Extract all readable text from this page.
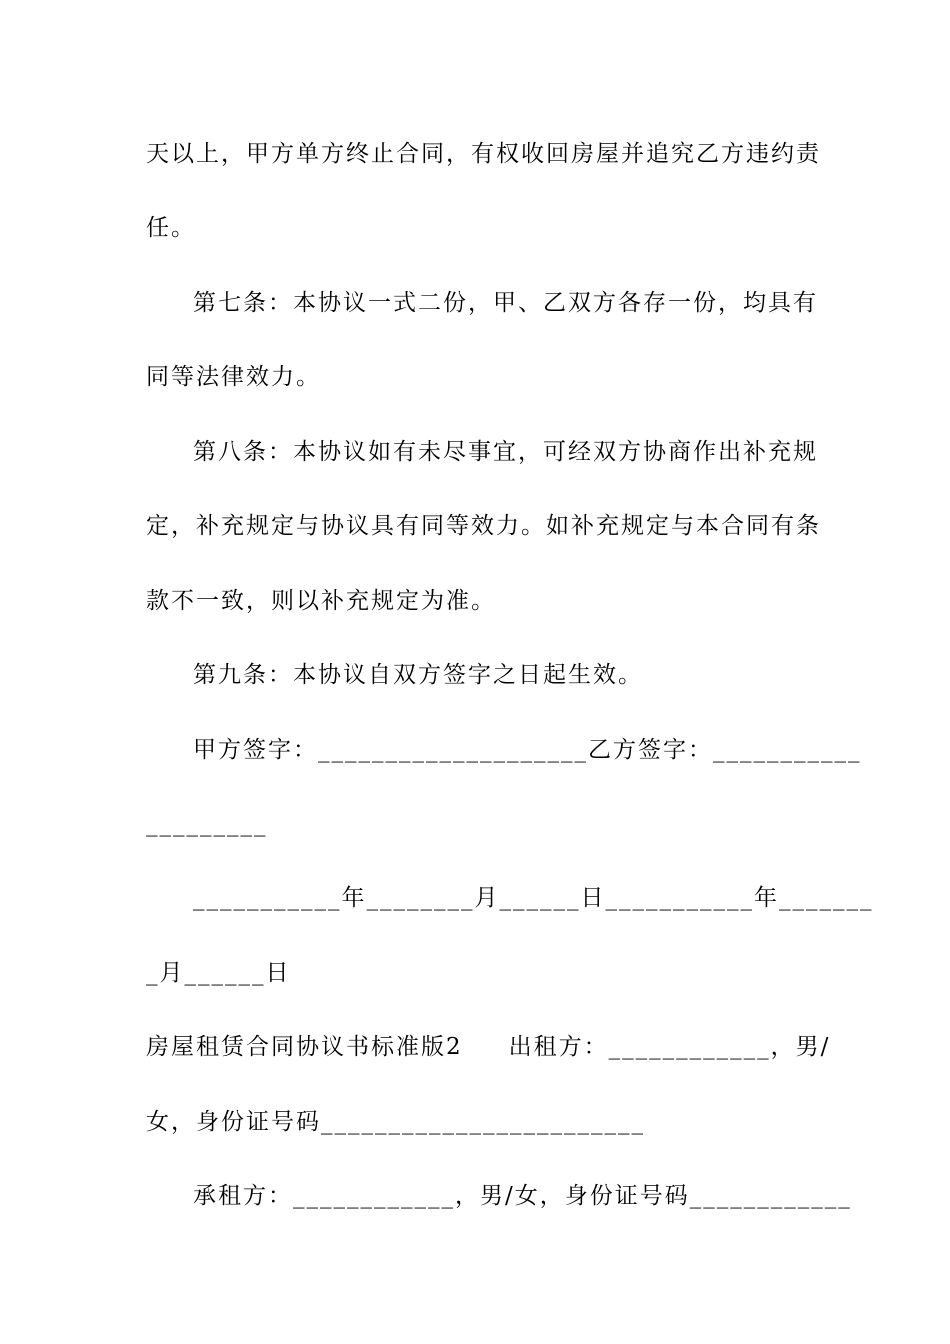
天以上，甲方单方终止合同，有权收回房屋并追究乙方违约责
任。
第七条：本协议一式二份，甲、乙双方各存一份，均具有
同等法律效力。
第八条：本协议如有未尽事宜，可经双方协商作出补充规
定，补充规定与协议具有同等效力。如补充规定与本合同有条
款不一致，则以补充规定为准。
第九条：本协议自双方签字之日起生效。
甲方签字：____________________乙方签字：___________
_________
___________年________月______日___________年_______
_月______日
房屋租赁合同协议书标准版2 出租方：____________，男/
女，身份证号码________________________
承租方：____________，男/女，身份证号码____________
